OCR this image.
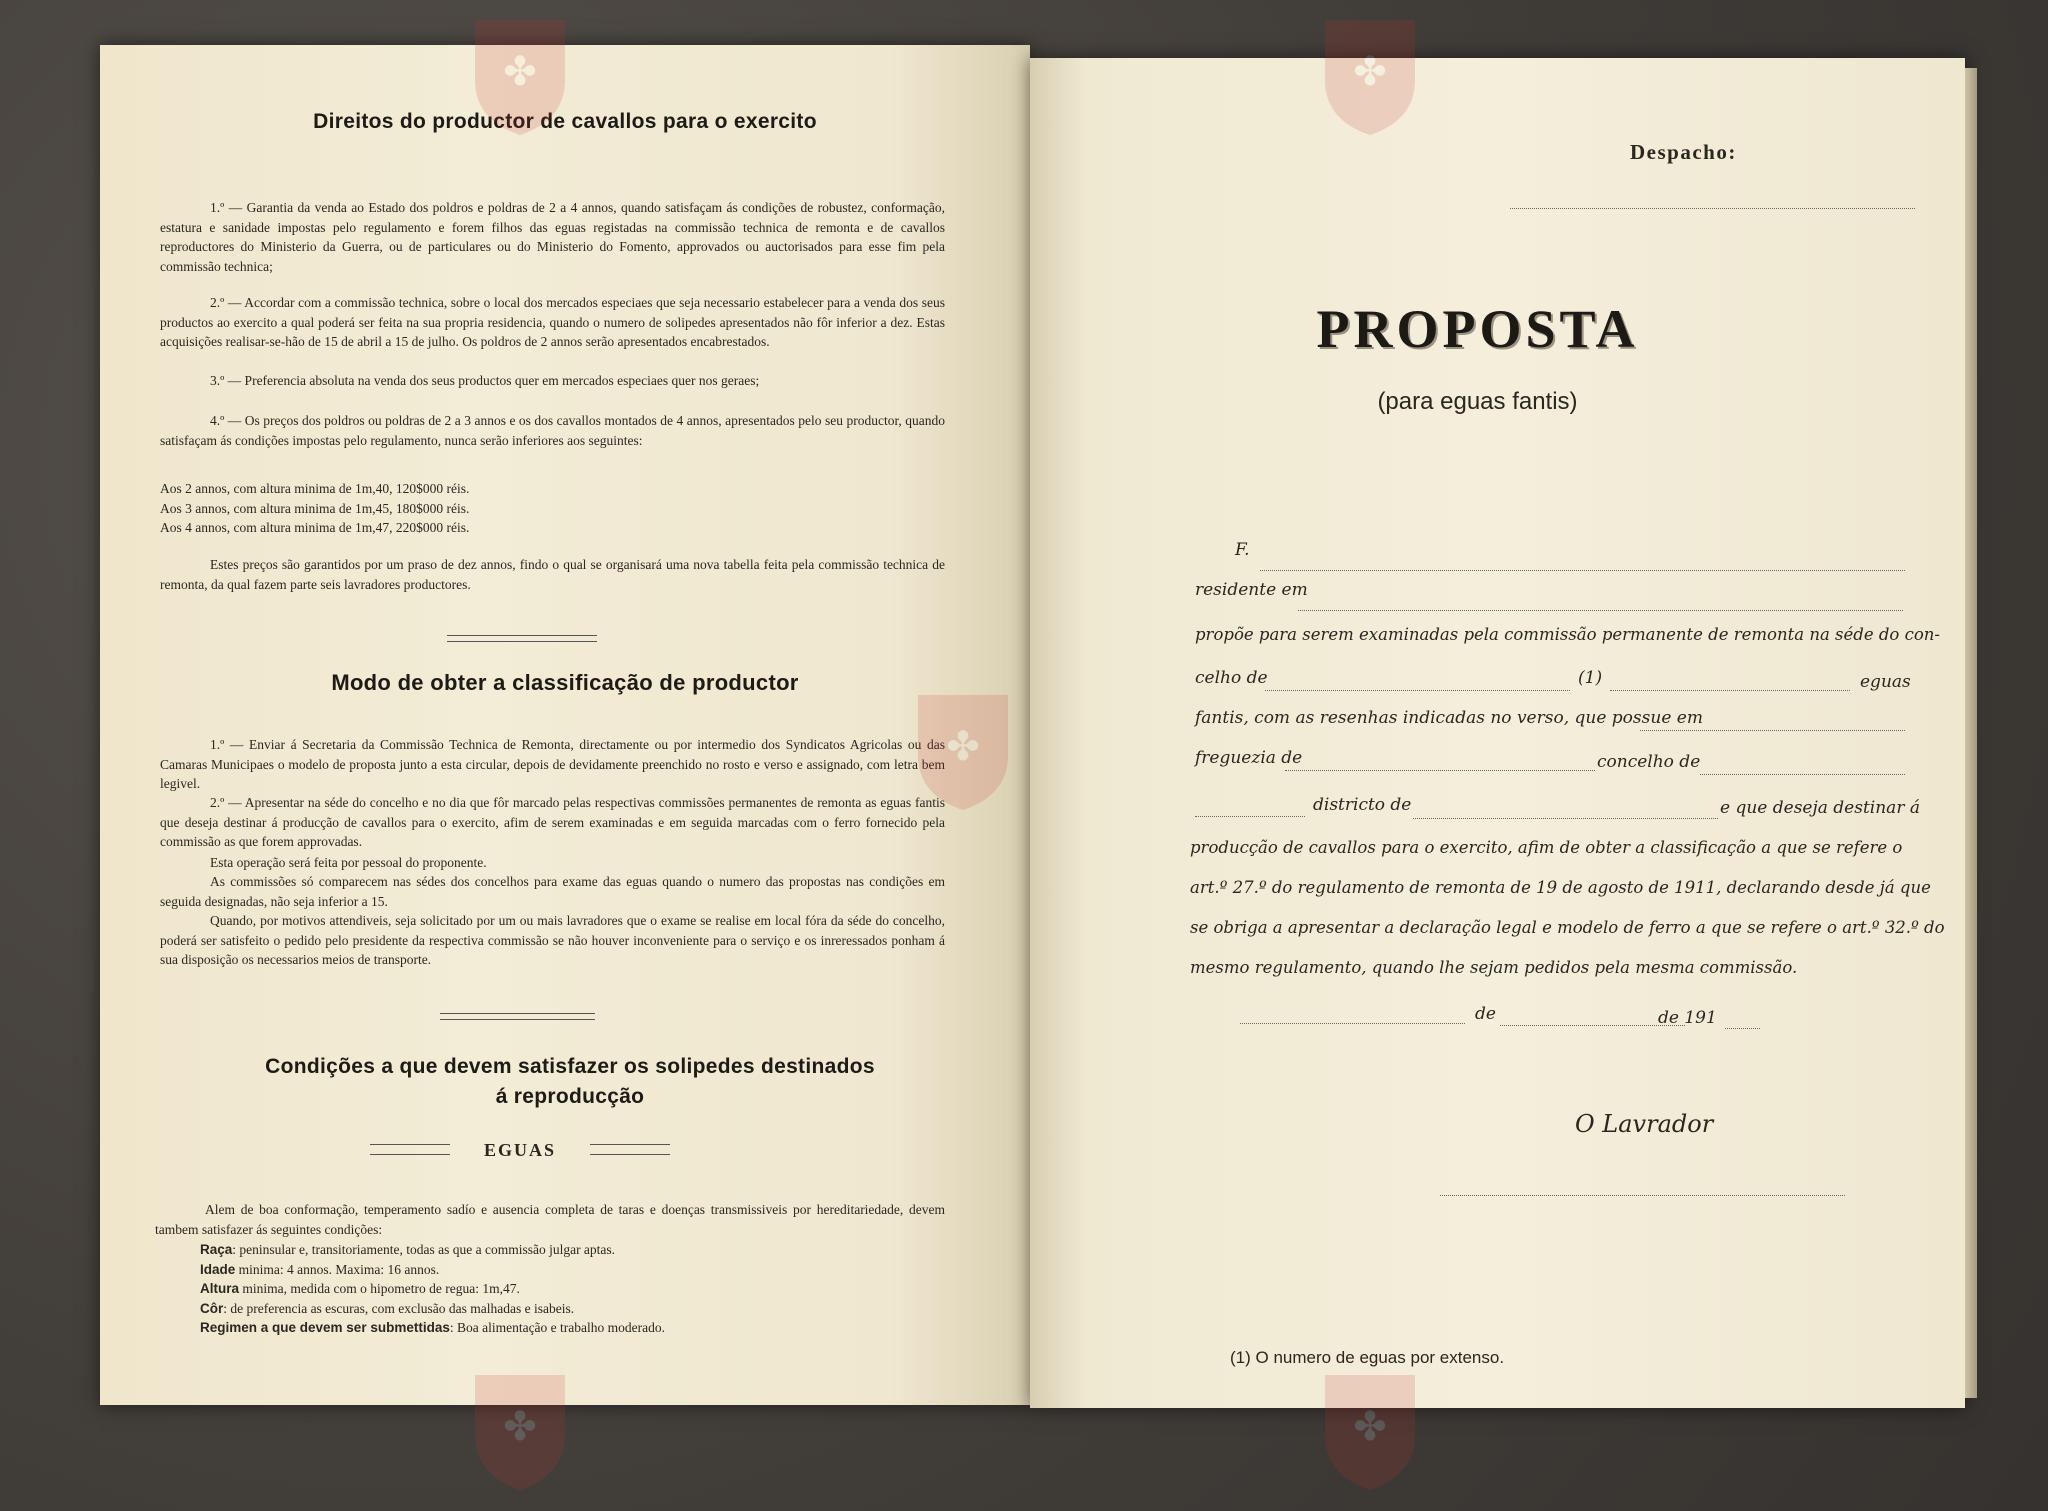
Direitos do productor de cavallos para o exercito
1.º — Garantia da venda ao Estado dos poldros e poldras de 2 a 4 annos, quando satisfaçam ás condições de robustez, conformação, estatura e sanidade impostas pelo regulamento e forem filhos das eguas registadas na commissão technica de remonta e de cavallos reproductores do Ministerio da Guerra, ou de particulares ou do Ministerio do Fomento, approvados ou auctorisados para esse fim pela commissão technica;
2.º — Accordar com a commissão technica, sobre o local dos mercados especiaes que seja necessario estabelecer para a venda dos seus productos ao exercito a qual poderá ser feita na sua propria residencia, quando o numero de solipedes apresentados não fôr inferior a dez. Estas acquisições realisar-se-hão de 15 de abril a 15 de julho. Os poldros de 2 annos serão apresentados encabrestados.
3.º — Preferencia absoluta na venda dos seus productos quer em mercados especiaes quer nos geraes;
4.º — Os preços dos poldros ou poldras de 2 a 3 annos e os dos cavallos montados de 4 annos, apresentados pelo seu productor, quando satisfaçam ás condições impostas pelo regulamento, nunca serão inferiores aos seguintes:
Aos 2 annos, com altura minima de 1m,40, 120$000 réis.
Aos 3 annos, com altura minima de 1m,45, 180$000 réis.
Aos 4 annos, com altura minima de 1m,47, 220$000 réis.
Estes preços são garantidos por um praso de dez annos, findo o qual se organisará uma nova tabella feita pela commissão technica de remonta, da qual fazem parte seis lavradores productores.
Modo de obter a classificação de productor
1.º — Enviar á Secretaria da Commissão Technica de Remonta, directamente ou por intermedio dos Syndicatos Agricolas ou das Camaras Municipaes o modelo de proposta junto a esta circular, depois de devidamente preenchido no rosto e verso e assignado, com letra bem legivel.
2.º — Apresentar na séde do concelho e no dia que fôr marcado pelas respectivas commissões permanentes de remonta as eguas fantis que deseja destinar á producção de cavallos para o exercito, afim de serem examinadas e em seguida marcadas com o ferro fornecido pela commissão as que forem approvadas.
Esta operação será feita por pessoal do proponente.
As commissões só comparecem nas sédes dos concelhos para exame das eguas quando o numero das propostas nas condições em seguida designadas, não seja inferior a 15.
Quando, por motivos attendiveis, seja solicitado por um ou mais lavradores que o exame se realise em local fóra da séde do concelho, poderá ser satisfeito o pedido pelo presidente da respectiva commissão se não houver inconveniente para o serviço e os inreressados ponham á sua disposição os necessarios meios de transporte.
Condições a que devem satisfazer os solipedes destinados
á reproducção
EGUAS
Alem de boa conformação, temperamento sadío e ausencia completa de taras e doenças transmissiveis por hereditariedade, devem tambem satisfazer ás seguintes condições:
Raça: peninsular e, transitoriamente, todas as que a commissão julgar aptas.
Idade minima: 4 annos. Maxima: 16 annos.
Altura minima, medida com o hipometro de regua: 1m,47.
Côr: de preferencia as escuras, com exclusão das malhadas e isabeis.
Regimen a que devem ser submettidas: Boa alimentação e trabalho moderado.
Despacho:
PROPOSTA
(para eguas fantis)
F.
residente em
propõe para serem examinadas pela commissão permanente de remonta na séde do con-
celho de	(1)	eguas
fantis, com as resenhas indicadas no verso, que possue em
freguezia de	concelho de
districto de	e que deseja destinar á
producção de cavallos para o exercito, afim de obter a classificação a que se refere o
art.º 27.º do regulamento de remonta de 19 de agosto de 1911, declarando desde já que
se obriga a apresentar a declaração legal e modelo de ferro a que se refere o art.º 32.º do
mesmo regulamento, quando lhe sejam pedidos pela mesma commissão.
de	de 191
O Lavrador
(1) O numero de eguas por extenso.
✤	✤
✤
✤	✤
